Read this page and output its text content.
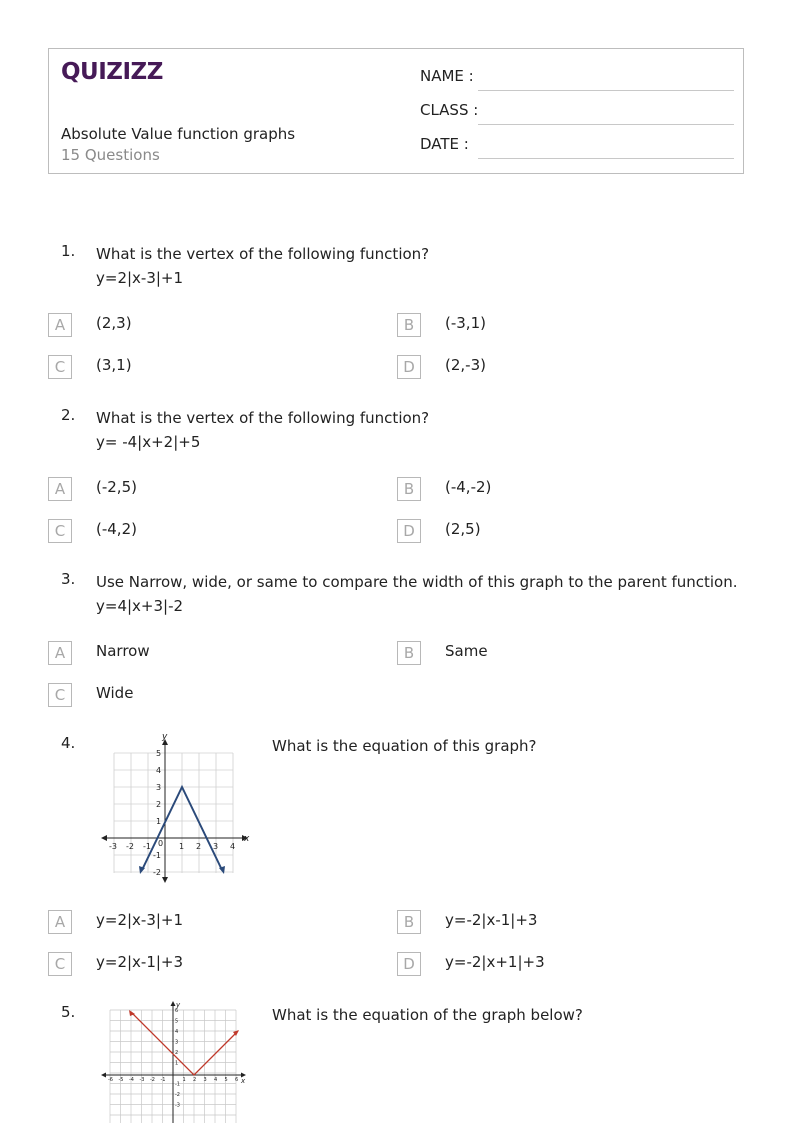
QUIZIZZ
Absolute Value function graphs
15 Questions
NAME :
CLASS :
DATE :
1. What is the vertex of the following function?
y=2|x-3|+1
A	(2,3)	B	(-3,1)
C	(3,1)	D	(2,-3)
2. What is the vertex of the following function?
y= -4|x+2|+5
A	(-2,5)	B	(-4,-2)
C	(-4,2)	D	(2,5)
3. Use Narrow, wide, or same to compare the width of this graph to the parent function.
y=4|x+3|-2
A	Narrow	B	Same
C	Wide
4.	What is the equation of this graph?
x
y
-3 -2 -1 0 1 2 3 4
5
4
3
2
1
-1
-2
A	y=2|x-3|+1	B	y=-2|x-1|+3
C	y=2|x-1|+3	D	y=-2|x+1|+3
5.	What is the equation of the graph below?
x
y
-6 -5 -4 -3 -2 -1	1 2 3 4 5 6
6
5
4
3
2
1
-1
-2
-3
